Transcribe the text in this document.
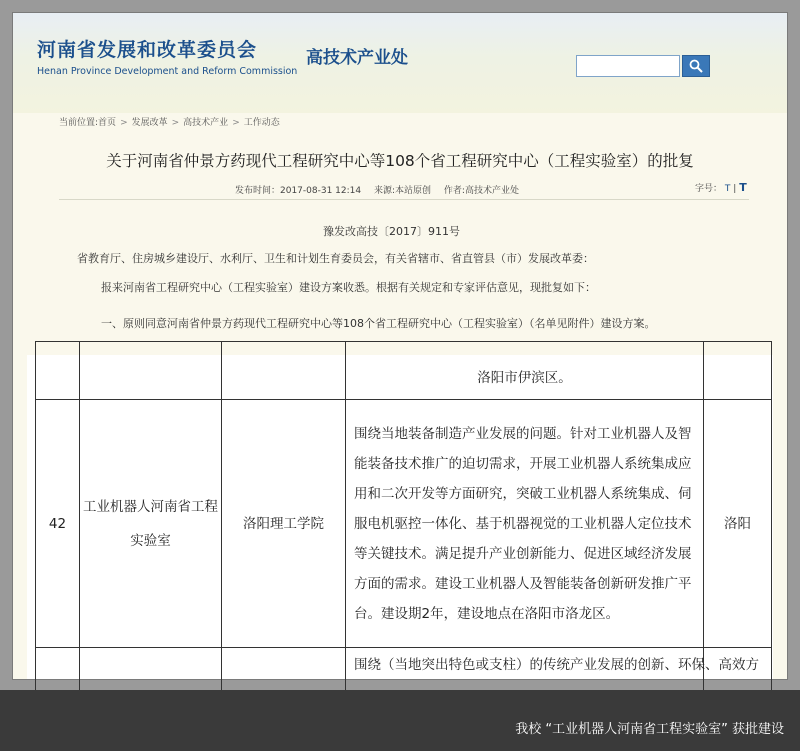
河南省发展和改革委员会
Henan Province Development and Reform Commission
高技术产业处
当前位置:首页 > 发展改革 > 高技术产业 > 工作动态
关于河南省仲景方药现代工程研究中心等108个省工程研究中心（工程实验室）的批复
发布时间：2017-08-31 12:14 来源:本站原创 作者:高技术产业处	字号： T | T
豫发改高技〔2017〕911号
省教育厅、住房城乡建设厅、水利厅、卫生和计划生育委员会，有关省辖市、省直管县（市）发展改革委：
报来河南省工程研究中心（工程实验室）建设方案收悉。根据有关规定和专家评估意见，现批复如下：
一、原则同意河南省仲景方药现代工程研究中心等108个省工程研究中心（工程实验室）（名单见附件）建设方案。
			洛阳市伊滨区。	
42	工业机器人河南省工程实验室	洛阳理工学院	围绕当地装备制造产业发展的问题。针对工业机器人及智能装备技术推广的迫切需求，开展工业机器人系统集成应用和二次开发等方面研究，突破工业机器人系统集成、伺服电机驱控一体化、基于机器视觉的工业机器人定位技术等关键技术。满足提升产业创新能力、促进区域经济发展方面的需求。建设工业机器人及智能装备创新研发推广平台。建设期2年，建设地点在洛阳市洛龙区。	洛阳
			围绕（当地突出特色或支柱）的传统产业发展的创新、环保、高效方	
我校 “工业机器人河南省工程实验室” 获批建设
